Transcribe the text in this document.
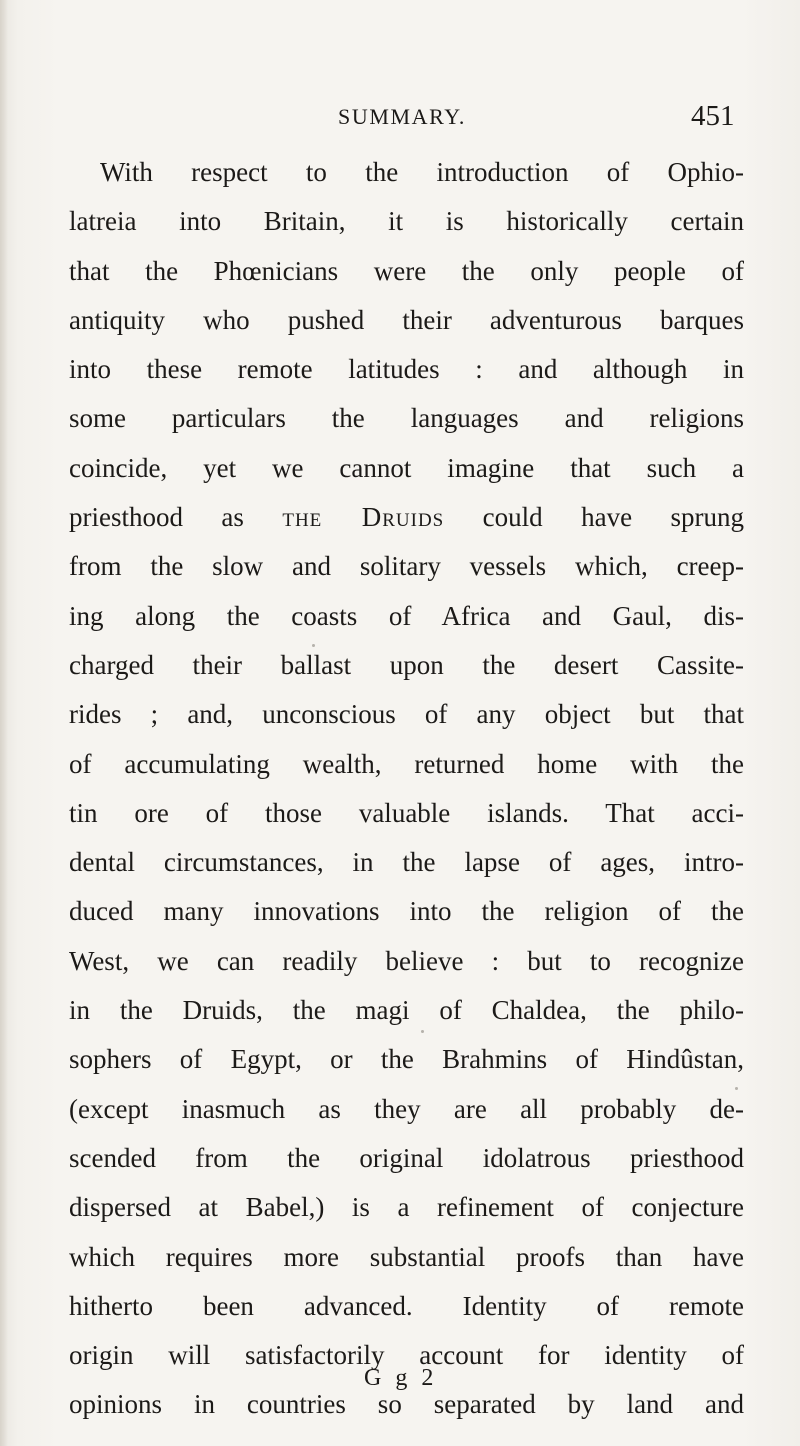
SUMMARY.	451
With respect to the introduction of Ophio-
latreia into Britain, it is historically certain
that the Phœnicians were the only people of
antiquity who pushed their adventurous barques
into these remote latitudes : and although in
some particulars the languages and religions
coincide, yet we cannot imagine that such a
priesthood as the Druids could have sprung
from the slow and solitary vessels which, creep-
ing along the coasts of Africa and Gaul, dis-
charged their ballast upon the desert Cassite-
rides ; and, unconscious of any object but that
of accumulating wealth, returned home with the
tin ore of those valuable islands. That acci-
dental circumstances, in the lapse of ages, intro-
duced many innovations into the religion of the
West, we can readily believe : but to recognize
in the Druids, the magi of Chaldea, the philo-
sophers of Egypt, or the Brahmins of Hindûstan,
(except inasmuch as they are all probably de-
scended from the original idolatrous priesthood
dispersed at Babel,) is a refinement of conjecture
which requires more substantial proofs than have
hitherto been advanced. Identity of remote
origin will satisfactorily account for identity of
opinions in countries so separated by land and
G g 2
